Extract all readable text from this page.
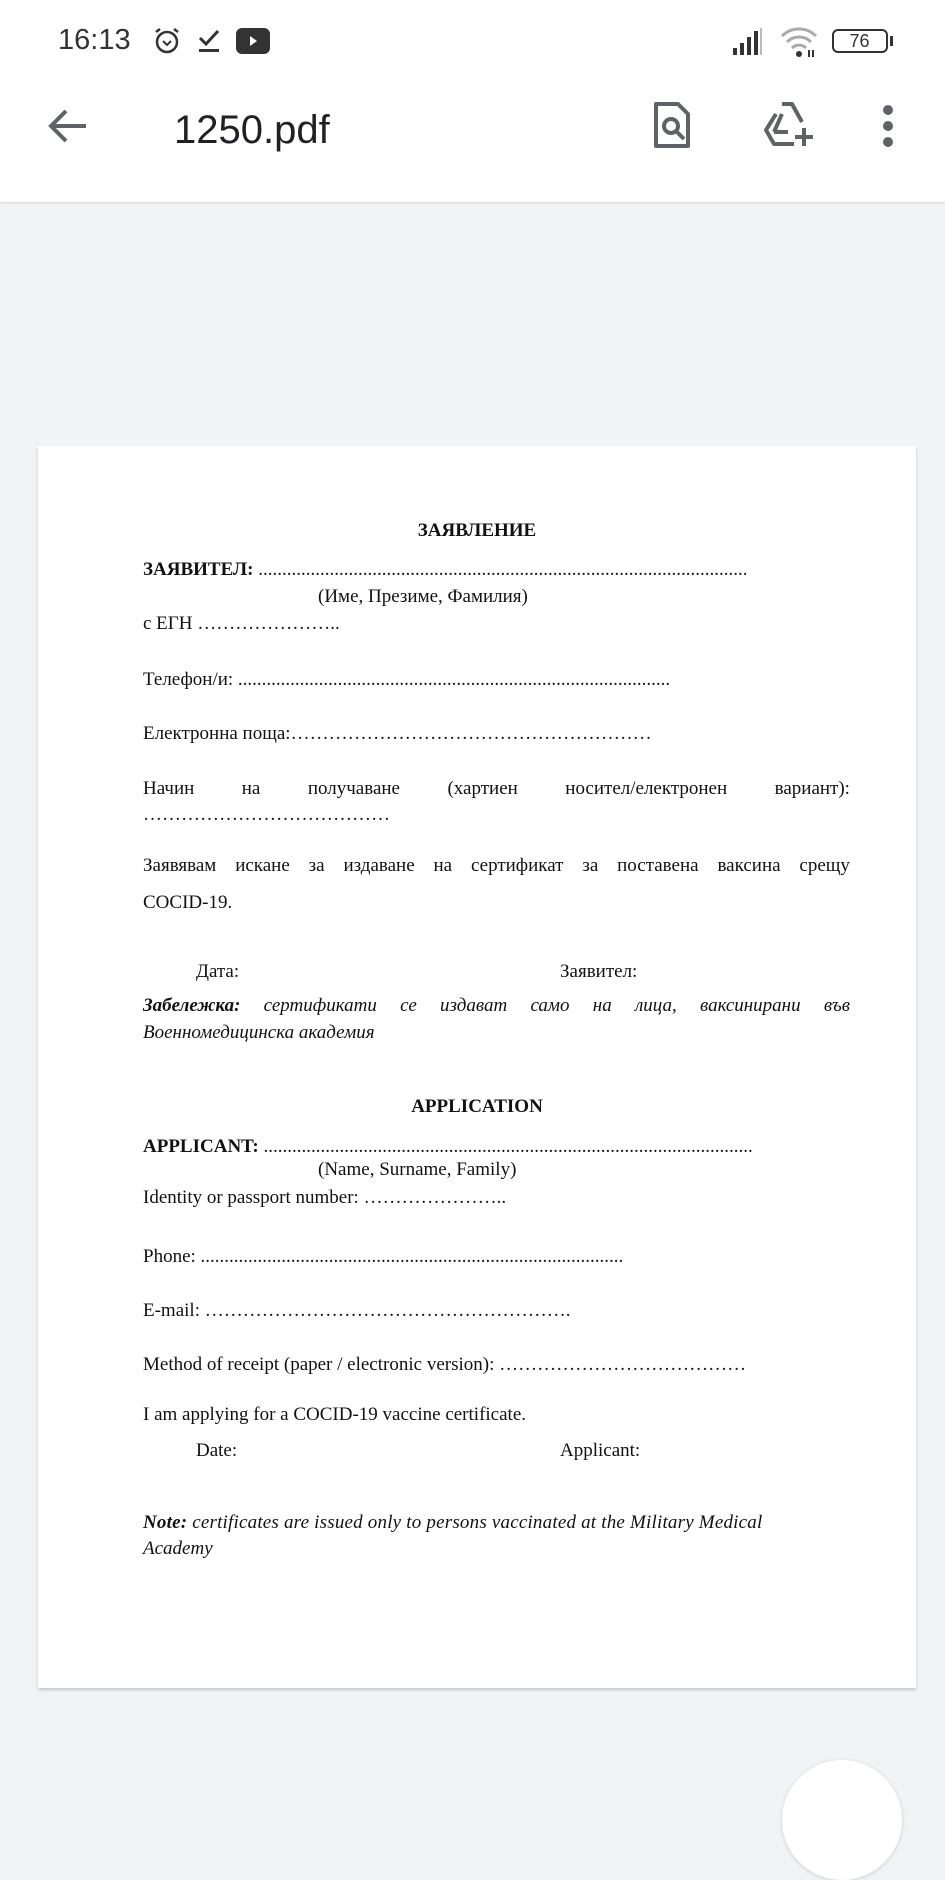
16:13	76
1250.pdf
ЗАЯВЛЕНИЕ
ЗАЯВИТЕЛ: .......................................................................................................
(Име, Презиме, Фамилия)
с ЕГН …………………..
Телефон/и: ...........................................................................................
Електронна поща:…………………………………………………
Начин на получаване (хартиен носител/електронен вариант):
…………………………………
Заявявам искане за издаване на сертификат за поставена ваксина срещу
COCID-19.
Дата:	Заявител:
Забележка: сертификати се издават само на лица, ваксинирани във
Военномедицинска академия
APPLICATION
APPLICANT: .......................................................................................................
(Name, Surname, Family)
Identity or passport number: …………………..
Phone: .........................................................................................
E-mail: ………………………………………………….
Method of receipt (paper / electronic version): …………………………………
I am applying for a COCID-19 vaccine certificate.
Date:	Applicant:
Note: certificates are issued only to persons vaccinated at the Military Medical
Academy
